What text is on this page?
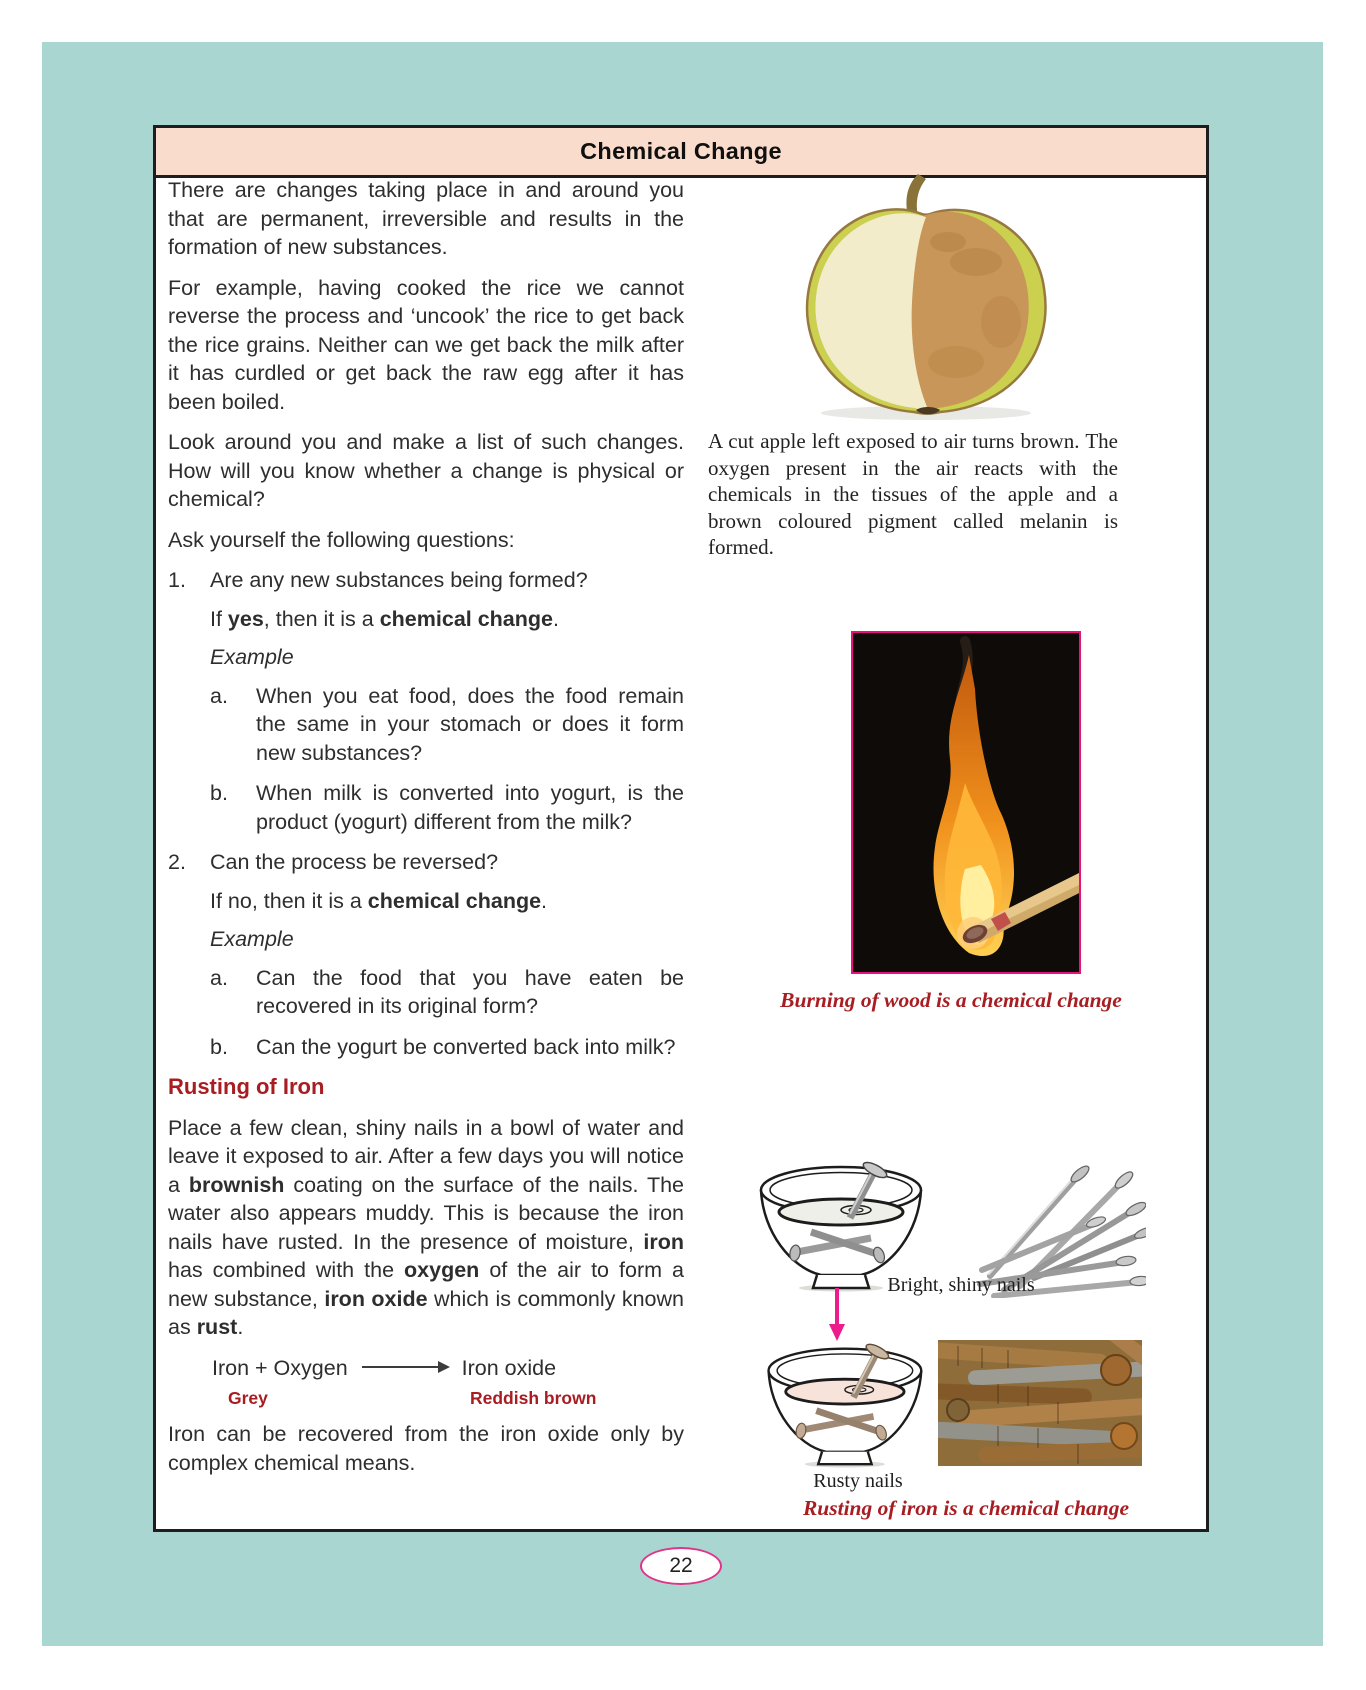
Chemical Change

There are changes taking place in and around you that are permanent, irreversible and results in the formation of new substances.

For example, having cooked the rice we cannot reverse the process and ‘uncook’ the rice to get back the rice grains. Neither can we get back the milk after it has curdled or get back the raw egg after it has been boiled.

Look around you and make a list of such changes. How will you know whether a change is physical or chemical?

Ask yourself the following questions:

1.	Are any new substances being formed?
If yes, then it is a chemical change.
Example
a.	When you eat food, does the food remain the same in your stomach or does it form new substances?
b.	When milk is converted into yogurt, is the product (yogurt) different from the milk?
2.	Can the process be reversed?
If no, then it is a chemical change.
Example
a.	Can the food that you have eaten be recovered in its original form?
b.	Can the yogurt be converted back into milk?
Rusting of Iron

Place a few clean, shiny nails in a bowl of water and leave it exposed to air. After a few days you will notice a brownish coating on the surface of the nails. The water also appears muddy. This is because the iron nails have rusted. In the presence of moisture, iron has combined with the oxygen of the air to form a new substance, iron oxide which is commonly known as rust.

Iron + Oxygen → Iron oxide
Grey	Reddish brown

Iron can be recovered from the iron oxide only by complex chemical means.

A cut apple left exposed to air turns brown. The oxygen present in the air reacts with the chemicals in the tissues of the apple and a brown coloured pigment called melanin is formed.
Burning of wood is a chemical change
Bright, shiny nails
Rusty nails
Rusting of iron is a chemical change
22
